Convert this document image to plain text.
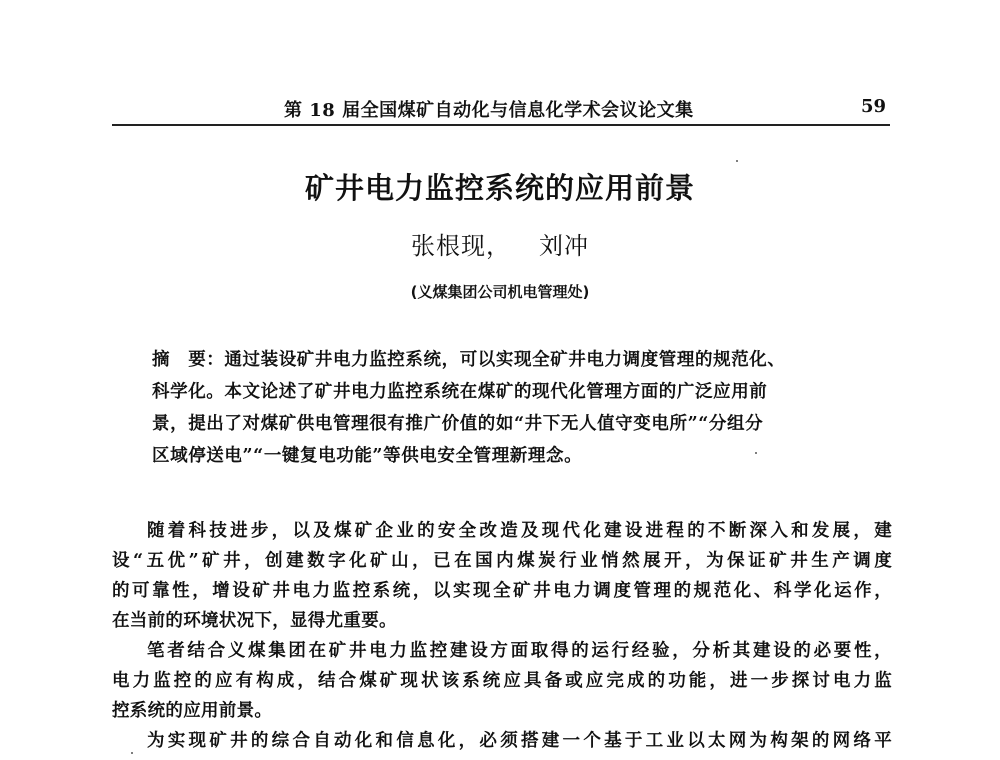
第 18 届全国煤矿自动化与信息化学术会议论文集	59
矿井电力监控系统的应用前景
张根现， 刘冲
(义煤集团公司机电管理处)
摘　要：通过装设矿井电力监控系统，可以实现全矿井电力调度管理的规范化、
科学化。本文论述了矿井电力监控系统在煤矿的现代化管理方面的广泛应用前
景，提出了对煤矿供电管理很有推广价值的如“井下无人值守变电所”“分组分
区域停送电”“一键复电功能”等供电安全管理新理念。
随着科技进步，以及煤矿企业的安全改造及现代化建设进程的不断深入和发展，建
设“五优”矿井，创建数字化矿山，已在国内煤炭行业悄然展开，为保证矿井生产调度
的可靠性，增设矿井电力监控系统，以实现全矿井电力调度管理的规范化、科学化运作，
在当前的环境状况下，显得尤重要。
笔者结合义煤集团在矿井电力监控建设方面取得的运行经验，分析其建设的必要性，
电力监控的应有构成，结合煤矿现状该系统应具备或应完成的功能，进一步探讨电力监
控系统的应用前景。
为实现矿井的综合自动化和信息化，必须搭建一个基于工业以太网为构架的网络平
